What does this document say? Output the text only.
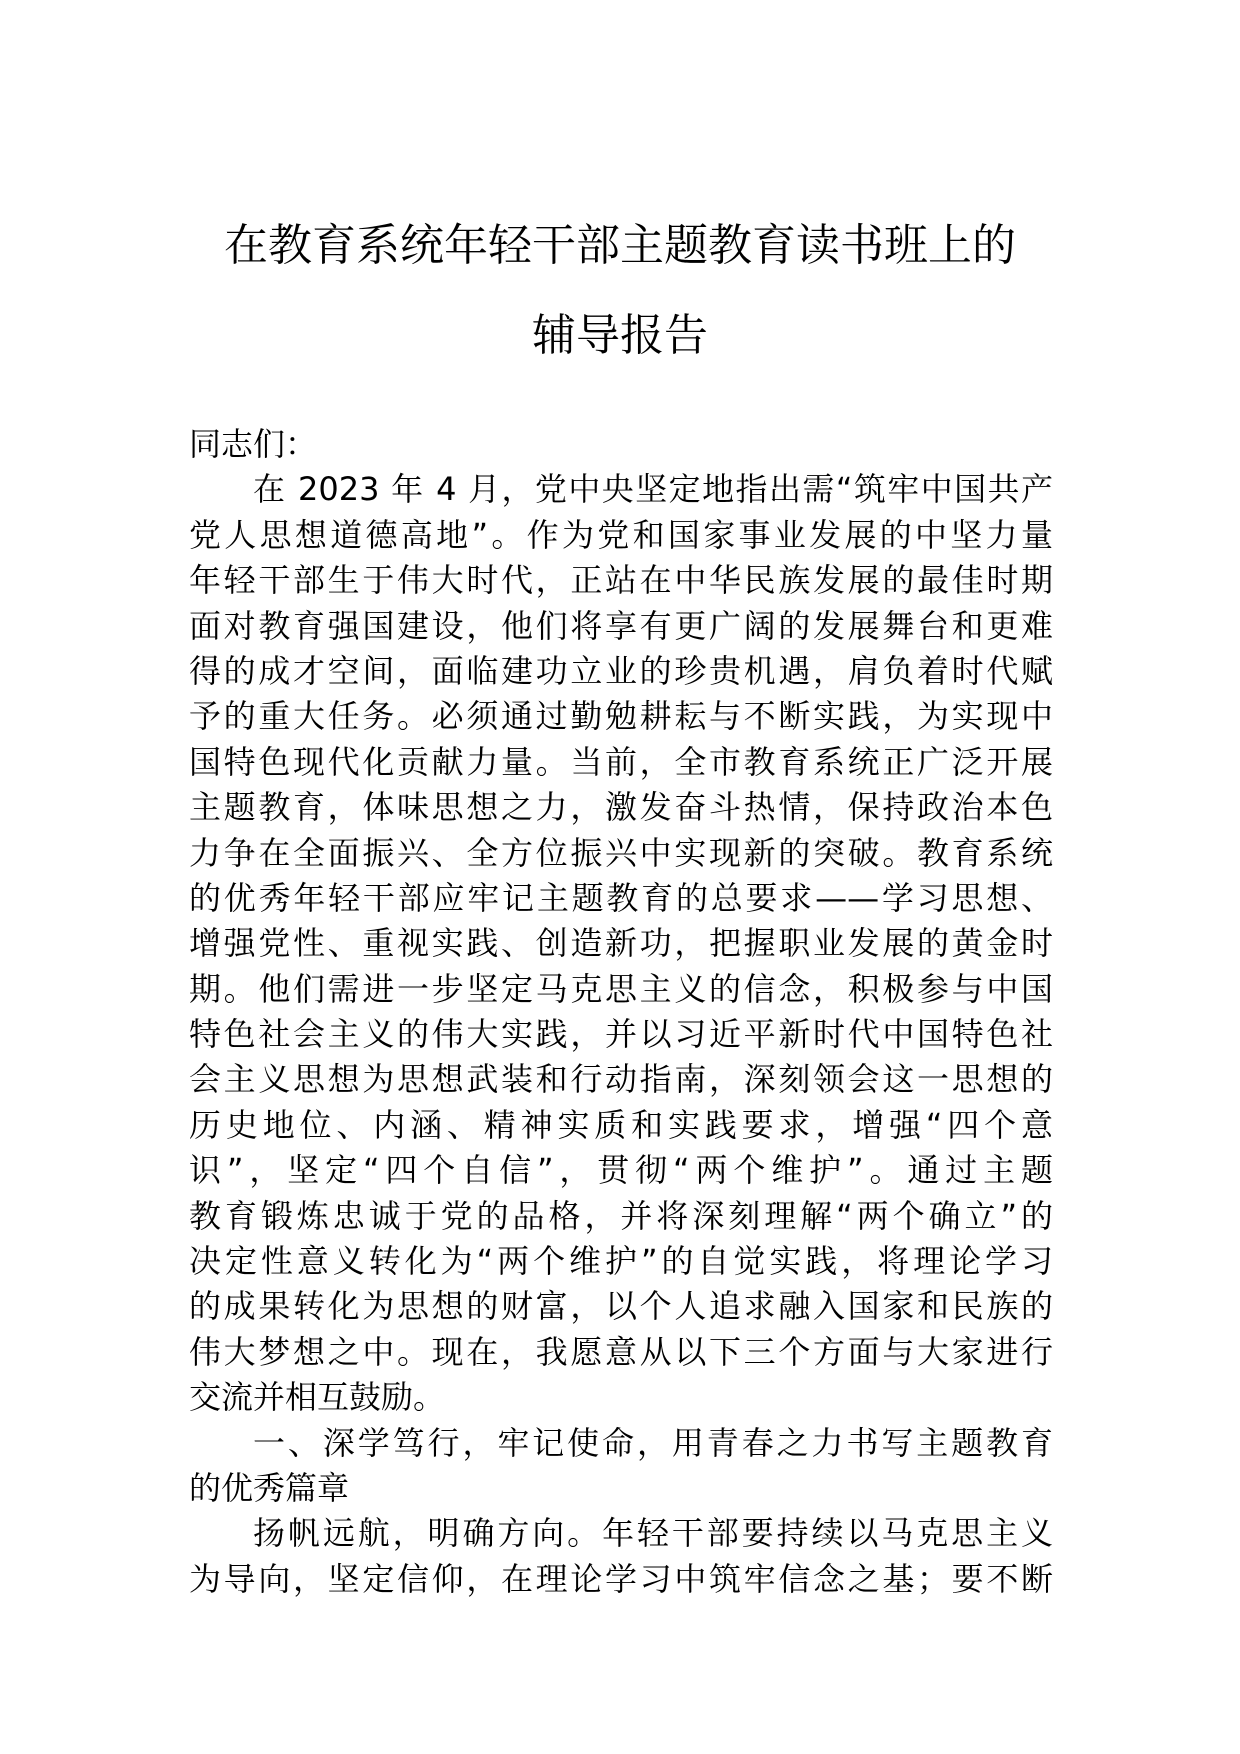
在教育系统年轻干部主题教育读书班上的
辅导报告
同志们：
在 2023 年 4 月，党中央坚定地指出需“筑牢中国共产
党人思想道德高地”。作为党和国家事业发展的中坚力量
年轻干部生于伟大时代，正站在中华民族发展的最佳时期
面对教育强国建设，他们将享有更广阔的发展舞台和更难
得的成才空间，面临建功立业的珍贵机遇，肩负着时代赋
予的重大任务。必须通过勤勉耕耘与不断实践，为实现中
国特色现代化贡献力量。当前，全市教育系统正广泛开展
主题教育，体味思想之力，激发奋斗热情，保持政治本色
力争在全面振兴、全方位振兴中实现新的突破。教育系统
的优秀年轻干部应牢记主题教育的总要求——学习思想、
增强党性、重视实践、创造新功，把握职业发展的黄金时
期。他们需进一步坚定马克思主义的信念，积极参与中国
特色社会主义的伟大实践，并以习近平新时代中国特色社
会主义思想为思想武装和行动指南，深刻领会这一思想的
历史地位、内涵、精神实质和实践要求，增强“四个意
识”，坚定“四个自信”，贯彻“两个维护”。通过主题
教育锻炼忠诚于党的品格，并将深刻理解“两个确立”的
决定性意义转化为“两个维护”的自觉实践，将理论学习
的成果转化为思想的财富，以个人追求融入国家和民族的
伟大梦想之中。现在，我愿意从以下三个方面与大家进行
交流并相互鼓励。
一、深学笃行，牢记使命，用青春之力书写主题教育
的优秀篇章
扬帆远航，明确方向。年轻干部要持续以马克思主义
为导向，坚定信仰，在理论学习中筑牢信念之基；要不断
